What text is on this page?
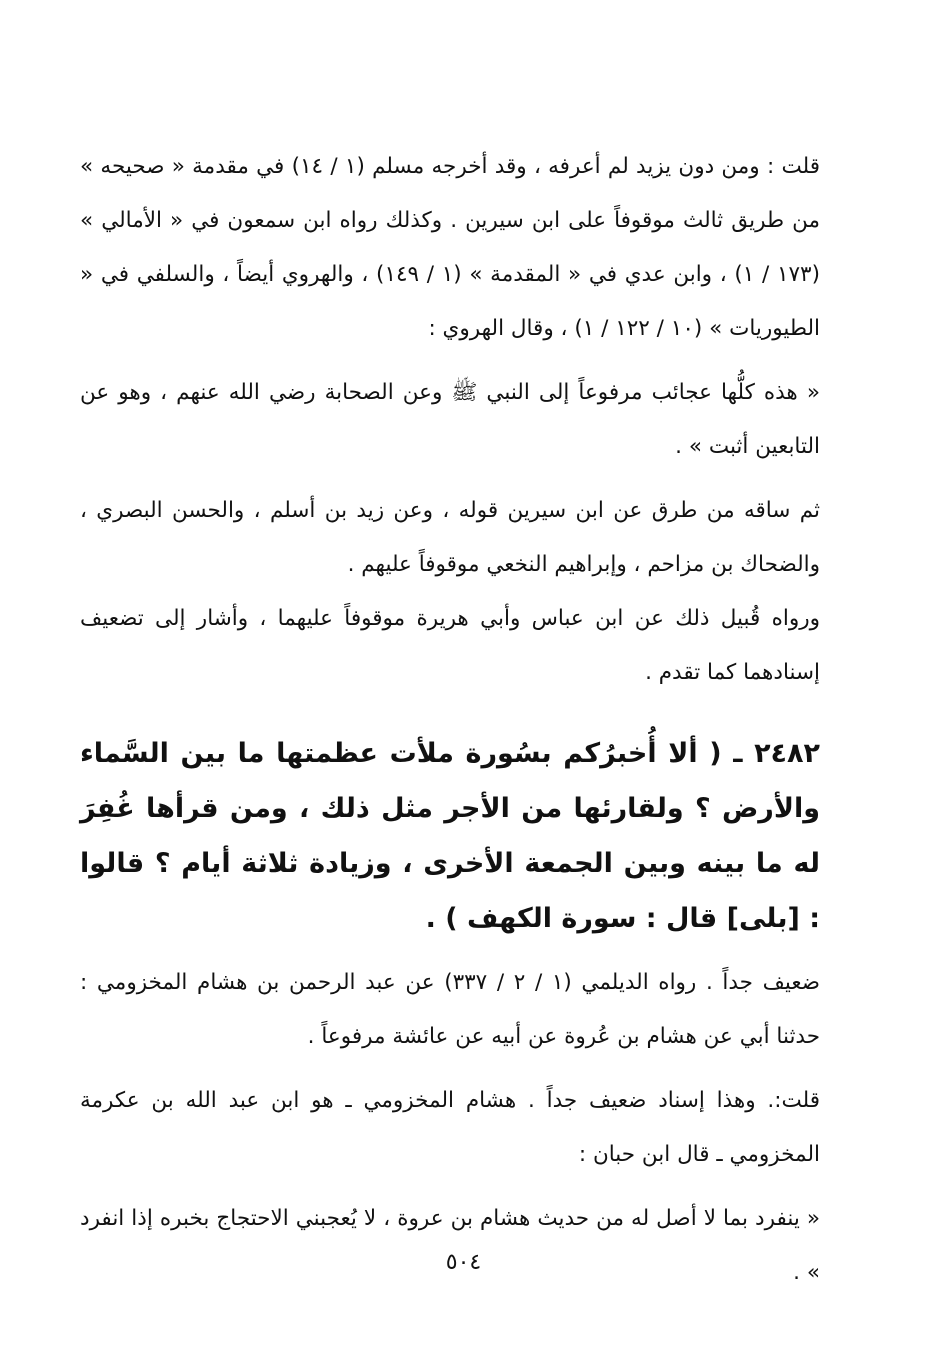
قلت : ومن دون يزيد لم أعرفه ، وقد أخرجه مسلم (١ / ١٤) في مقدمة « صحيحه » من طريق ثالث موقوفاً على ابن سيرين . وكذلك رواه ابن سمعون في « الأمالي » (١٧٣ / ١) ، وابن عدي في « المقدمة » (١ / ١٤٩) ، والهروي أيضاً ، والسلفي في « الطيوريات » (١٠ / ١٢٢ / ١) ، وقال الهروي :

« هذه كلُّها عجائب مرفوعاً إلى النبي ﷺ وعن الصحابة رضي الله عنهم ، وهو عن التابعين أثبت » .

ثم ساقه من طرق عن ابن سيرين قوله ، وعن زيد بن أسلم ، والحسن البصري ، والضحاك بن مزاحم ، وإبراهيم النخعي موقوفاً عليهم .

ورواه قُبيل ذلك عن ابن عباس وأبي هريرة موقوفاً عليهما ، وأشار إلى تضعيف إسنادهما كما تقدم .

٢٤٨٢ ـ ( ألا أُخبرُكم بسُورة ملأت عظمتها ما بين السَّماء والأرض ؟ ولقارئها من الأجر مثل ذلك ، ومن قرأها غُفِرَ له ما بينه وبين الجمعة الأخرى ، وزيادة ثلاثة أيام ؟ قالوا : [بلى] قال : سورة الكهف ) .

ضعيف جداً . رواه الديلمي (١ / ٢ / ٣٣٧) عن عبد الرحمن بن هشام المخزومي : حدثنا أبي عن هشام بن عُروة عن أبيه عن عائشة مرفوعاً .

قلت:. وهذا إسناد ضعيف جداً . هشام المخزومي ـ هو ابن عبد الله بن عكرمة المخزومي ـ قال ابن حبان :

« ينفرد بما لا أصل له من حديث هشام بن عروة ، لا يُعجبني الاحتجاج بخبره إذا انفرد » .

٥٠٤
